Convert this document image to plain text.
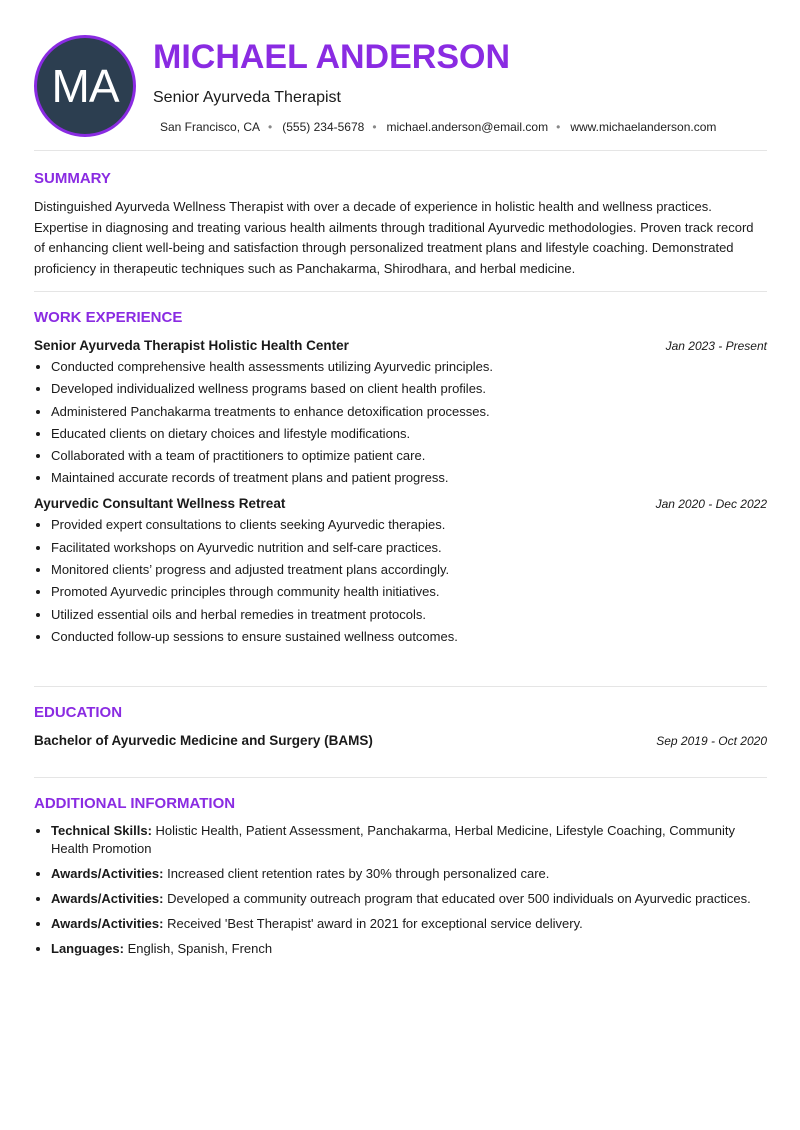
MA
MICHAEL ANDERSON
Senior Ayurveda Therapist
San Francisco, CA • (555) 234-5678 • michael.anderson@email.com • www.michaelanderson.com
SUMMARY

Distinguished Ayurveda Wellness Therapist with over a decade of experience in holistic health and wellness practices. Expertise in diagnosing and treating various health ailments through traditional Ayurvedic methodologies. Proven track record of enhancing client well-being and satisfaction through personalized treatment plans and lifestyle coaching. Demonstrated proficiency in therapeutic techniques such as Panchakarma, Shirodhara, and herbal medicine.

WORK EXPERIENCE
Senior Ayurveda Therapist Holistic Health Center	Jan 2023 - Present
• Conducted comprehensive health assessments utilizing Ayurvedic principles.
• Developed individualized wellness programs based on client health profiles.
• Administered Panchakarma treatments to enhance detoxification processes.
• Educated clients on dietary choices and lifestyle modifications.
• Collaborated with a team of practitioners to optimize patient care.
• Maintained accurate records of treatment plans and patient progress.
Ayurvedic Consultant Wellness Retreat	Jan 2020 - Dec 2022
• Provided expert consultations to clients seeking Ayurvedic therapies.
• Facilitated workshops on Ayurvedic nutrition and self-care practices.
• Monitored clients’ progress and adjusted treatment plans accordingly.
• Promoted Ayurvedic principles through community health initiatives.
• Utilized essential oils and herbal remedies in treatment protocols.
• Conducted follow-up sessions to ensure sustained wellness outcomes.
EDUCATION
Bachelor of Ayurvedic Medicine and Surgery (BAMS)	Sep 2019 - Oct 2020
ADDITIONAL INFORMATION
• Technical Skills: Holistic Health, Patient Assessment, Panchakarma, Herbal Medicine, Lifestyle Coaching, Community Health Promotion
• Awards/Activities: Increased client retention rates by 30% through personalized care.
• Awards/Activities: Developed a community outreach program that educated over 500 individuals on Ayurvedic practices.
• Awards/Activities: Received 'Best Therapist' award in 2021 for exceptional service delivery.
• Languages: English, Spanish, French
